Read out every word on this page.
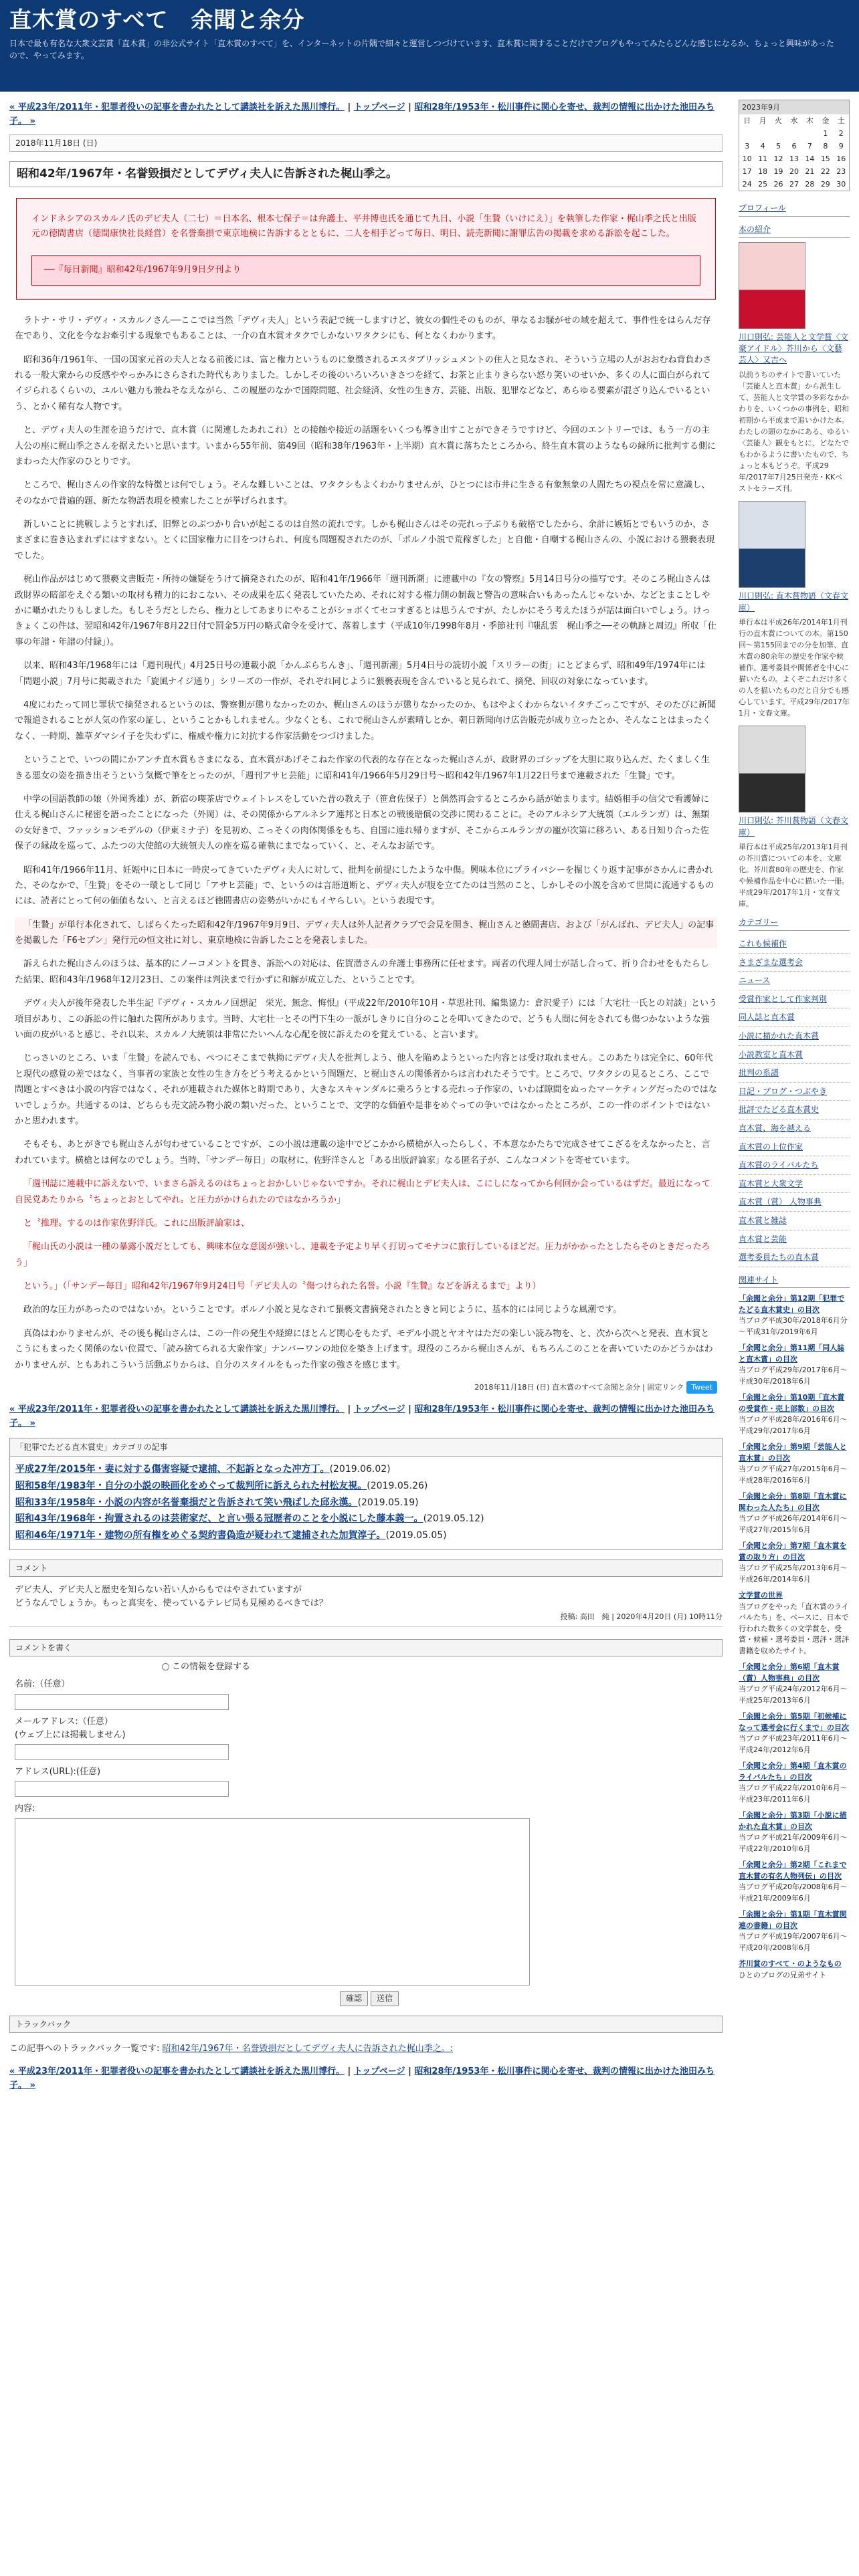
直木賞のすべて　余聞と余分
日本で最も有名な大衆文芸賞「直木賞」の非公式サイト「直木賞のすべて」を、インターネットの片隅で細々と運営しつづけています、直木賞に関することだけでブログもやってみたらどんな感じになるか、ちょっと興味があったので、やってみます。
« 平成23年/2011年・犯罪者役いの記事を書かれたとして講談社を訴えた黒川博行。 | トップページ | 昭和28年/1953年・松川事件に関心を寄せ、裁判の情報に出かけた池田みち子。 »
2018年11月18日 (日)
昭和42年/1967年・名誉毀損だとしてデヴィ夫人に告訴された梶山季之。
インドネシアのスカルノ氏のデビ夫人（二七）＝日本名、根本七保子＝は弁護士、平井博也氏を通じて九日、小説「生贄（いけにえ）」を執筆した作家・梶山季之氏と出版元の徳間書店（徳間康快社長経営）を名誉棄損で東京地検に告訴するとともに、二人を相手どって毎日、明日、読売新聞に謝罪広告の掲載を求める訴訟を起こした。
──『毎日新聞』昭和42年/1967年9月9日夕刊より

ラトナ・サリ・デヴィ・スカルノさん──ここでは当然「デヴィ夫人」という表記で統一しますけど、彼女の個性そのものが、単なるお騒がせの域を超えて、事件性をはらんだ存在であり、文化を今なお牽引する現象でもあることは、一介の直木賞オタクでしかないワタクシにも、何となくわかります。

昭和36年/1961年、一国の国家元首の夫人となる前後には、富と権力というものに象徴されるエスタブリッシュメントの住人と見なされ、そういう立場の人がおおむね背負わされる一般大衆からの反感ややっかみにさらされた時代もありました。しかしその後のいろいろいきさつを経て、お茶と止まりきらない怒り笑いのせいか、多くの人に面白がられてイジられるくらいの、ユルい魅力も兼ねそなえながら、この履歴のなかで国際問題、社会経済、女性の生き方、芸能、出版、犯罪などなど、あらゆる要素が混ざり込んでいるという、とかく稀有な人物です。

と、デヴィ夫人の生涯を追うだけで、直木賞（に関連したあれこれ）との接触や接近の話題をいくつも導き出すことができそうですけど、今回のエントリーでは、もう一方の主人公の座に梶山季之さんを据えたいと思います。いまから55年前、第49回（昭和38年/1963年・上半期）直木賞に落ちたところから、終生直木賞のようなもの縁所に批判する側にまわった大作家のひとりです。

ところで、梶山さんの作家的な特徴とは何でしょう。そんな難しいことは、ワタクシもよくわかりませんが、ひとつには市井に生きる有象無象の人間たちの視点を常に意識し、そのなかで普遍的題、新たな物語表現を模索したことが挙げられます。

新しいことに挑戦しようとすれば、旧弊とのぶつかり合いが起こるのは自然の流れです。しかも梶山さんはその売れっ子ぶりも破格でしたから、余計に嫉妬とでもいうのか、さまざまに巻き込まれずにはすまない。とくに国家権力に目をつけられ、何度も問題視されたのが、「ポルノ小説で荒稼ぎした」と自他・自嘲する梶山さんの、小説における猥褻表現でした。

梶山作品がはじめて猥褻文書販売・所持の嫌疑をうけて摘発されたのが、昭和41年/1966年「週刊新潮」に連載中の『女の警察』5月14日号分の描写です。そのころ梶山さんは政財界の暗部をえぐる類いの取材も精力的におこない、その成果を広く発表していたため、それに対する権力側の制裁と警告の意味合いもあったんじゃないか、などとまことしやかに囁かれたりもしました。もしそうだとしたら、権力としてあまりにやることがショボくてセコすぎるとは思うんですが、たしかにそう考えたほうが話は面白いでしょう。けっきょくこの件は、翌昭和42年/1967年8月22日付で罰金5万円の略式命令を受けて、落着します（平成10年/1998年8月・季節社刊『嗤乱雲　梶山季之──その軌跡と周辺』所収「仕事の年譜・年譜の付録」）。

以来、昭和43年/1968年には「週刊現代」4月25日号の連載小説「かんぷらちんき」、「週刊新潮」5月4日号の読切小説「スリラーの街」にとどまらず、昭和49年/1974年には「問題小説」7月号に掲載された「旋風ナイジ通り」シリーズの一作が、それぞれ同じように猥褻表現を含んでいると見られて、摘発、回収の対象になっています。

4度にわたって同じ罪状で摘発されるというのは、警察側が懲りなかったのか、梶山さんのほうが懲りなかったのか、もはやよくわからないイタチごっこですが、そのたびに新聞で報道されることが人気の作家の証し、ということかもしれません。少なくとも、これで梶山さんが素晴しとか、朝日新聞向け広告販売が成り立ったとか、そんなことはまったくなく、一時期、雑草ダマシイ子を失わずに、権威や権力に対抗する作家活動をつづけました。

ということで、いつの間にかアンチ直木賞もさまになる、直木賞があげそこねた作家の代表的な存在となった梶山さんが、政財界のゴシップを大胆に取り込んだ、たくましく生きる悪女の姿を描き出そうという気概で筆をとったのが、「週刊アサヒ芸能」に昭和41年/1966年5月29日号～昭和42年/1967年1月22日号まで連載された「生贄」です。

中学の国語教師の娘（外岡秀雄）が、新宿の喫茶店でウェイトレスをしていた昔の教え子（笹倉佐保子）と偶然再会するところから話が始まります。結婚相手の信父で看護婦に仕える梶山さんに秘密を語ったことになった（外岡）は、その関係からアルネシア連邦と日本との戦後賠償の交渉に関わることに。そのアルネシア大統領（エルランガ）は、無類の女好きで、ファッションモデルの（伊東ミナ子）を見初め、こっそくの肉体関係をもち、自国に連れ帰りますが、そこからエルランガの寵が次第に移ろい、ある日知り合った佐保子の縁故を巡って、ふたつの大使館の大統領夫人の座を巡る確執にまでなっていく、と、そんなお話です。

昭和41年/1966年11月、妊娠中に日本に一時戻ってきていたデヴィ夫人に対して、批判を前提にしたような中傷。興味本位にプライバシーを掘じくり返す記事がさかんに書かれた、そのなかで、「生贄」をその一環として同じ「アサヒ芸能」で、というのは言語道断と、デヴィ夫人が腹を立てたのは当然のこと、しかしその小説を含めて世間に流通するものには、読者にとって何の価値もない、と言えるほど徳間書店の姿勢がいかにもイヤらしい。という表現です。

「生贄」が単行本化されて、しばらくたった昭和42年/1967年9月9日、デヴィ夫人は外人記者クラブで会見を開き、梶山さんと徳間書店、および「がんばれ、デビ夫人」の記事を掲載した「F6セブン」発行元の恒文社に対し、東京地検に告訴したことを発表しました。

訴えられた梶山さんのほうは、基本的にノーコメントを貫き、訴訟への対応は、佐賀潜さんの弁護士事務所に任せます。両者の代理人同士が話し合って、折り合わせをもたらした結果、昭和43年/1968年12月23日、この案件は判決まで行かずに和解が成立した、ということです。

デヴィ夫人が後年発表した半生記『デヴィ・スカルノ回想記　栄光、無念、悔恨』（平成22年/2010年10月・草思社刊、編集協力：倉沢愛子）には「大宅壮一氏との対談」という項目があり、この訴訟の件に触れた箇所があります。当時、大宅壮一とその門下生の一派がしきりに自分のことを叩いてきたので、どうも人間に何をされても傷つかないような強い面の皮がいると感じ、それ以来、スカルノ大統領は非常にたいへんな心配を彼に訴えたのを覚えている、と言います。

じっさいのところ、いま「生贄」を読んでも、ぺつにそこまで執拗にデヴィ夫人を批判しよう、他人を陥めようといった内容とは受け取れません。このあたりは完全に、60年代と現代の感覚の差ではなく、当事者の家族と女性の生き方をどう考えるかという問題だ、と梶山さんの関係者からは言われたそうです。ところで、ワタクシの見るところ、ここで問題とすべきは小説の内容ではなく、それが連載された媒体と時期であり、大きなスキャンダルに乗ろうとする売れっ子作家の、いわば隙間をぬったマーケティングだったのではないでしょうか。共通するのは、どちらも売文読み物小説の類いだった、ということで、文学的な価値や是非をめぐっての争いではなかったところが、この一件のポイントではないかと思われます。

そもそも、あとがきでも梶山さんが匂わせていることですが、この小説は連載の途中でどこかから横槍が入ったらしく、不本意なかたちで完成させてこざるをえなかったと、言われています。横槍とは何なのでしょう。当時、「サンデー毎日」の取材に、佐野洋さんと「ある出版評論家」なる匿名子が、こんなコメントを寄せています。

「週刊誌に連載中に訴えないで、いまさら訴えるのはちょっとおかしいじゃないですか。それに梶山とデビ夫人は、こにしになってから何回か会っているはずだ。最近になって自民党あたりから〝ちょっとおとしてやれ〟と圧力がかけられたのではなかろうか」

と〝推理〟するのは作家佐野洋氏。これに出版評論家は、

「梶山氏の小説は一種の暴露小説だとしても、興味本位な意図が強いし、連載を予定より早く打切ってモナコに旅行しているほどだ。圧力がかかったとしたらそのときだったろう」

という。」（「サンデー毎日」昭和42年/1967年9月24日号「デビ夫人の〝傷つけられた名誉〟小説『生贄』などを訴えるまで」より）

政治的な圧力があったのではないか。ということです。ポルノ小説と見なされて猥褻文書摘発されたときと同じように、基本的には同じような風潮です。

真偽はわかりませんが、その後も梶山さんは、この一件の発生や経緯にほとんど関心をもたず、モデル小説とヤオヤはただの楽しい読み物を、と、次から次へと発表、直木賞とこうにもまったく関係のない位置で、「読み捨てられる大衆作家」ナンバーワンの地位を築き上げます。現役のころから梶山さんが、もちろんこのことを書いていたのかどうかはわかりませんが、ともあれこういう活動ぶりからは、自分のスタイルをもった作家の強さを感じます。

2018年11月18日 (日) 直木賞のすべて余聞と余分 | 固定リンク Tweet
« 平成23年/2011年・犯罪者役いの記事を書かれたとして講談社を訴えた黒川博行。 | トップページ | 昭和28年/1953年・松川事件に関心を寄せ、裁判の情報に出かけた池田みち子。 »
「犯罪でたどる直木賞史」カテゴリの記事
平成27年/2015年・妻に対する傷害容疑で逮捕、不起訴となった冲方丁。(2019.06.02)
昭和58年/1983年・自分の小説の映画化をめぐって裁判所に訴えられた村松友視。(2019.05.26)
昭和33年/1958年・小説の内容が名誉棄損だと告訴されて笑い飛ばした邱永漢。(2019.05.19)
昭和43年/1968年・拘置されるのは芸術家だ、と言い張る冠歴者のことを小説にした藤本義一。(2019.05.12)
昭和46年/1971年・建物の所有権をめぐる契約書偽造が疑われて逮捕された加賀淳子。(2019.05.05)
コメント
デビ夫人、デビ夫人と歴史を知らない若い人からもではやされていますが
どうなんでしょうか。もっと真実を、使っているテレビ局も見極めるべきでは？
投稿: 高田　純 | 2020年4月20日 (月) 10時11分
コメントを書く
この情報を登録する
名前:（任意）
メールアドレス:（任意）
(ウェブ上には掲載しません)
アドレス(URL):(任意)
内容:
確認 送信
トラックバック
この記事へのトラックバック一覧です: 昭和42年/1967年・名誉毀損だとしてデヴィ夫人に告訴された梶山季之。:
« 平成23年/2011年・犯罪者役いの記事を書かれたとして講談社を訴えた黒川博行。 | トップページ | 昭和28年/1953年・松川事件に関心を寄せ、裁判の情報に出かけた池田みち子。 »
2023年9月
日	月	火	水	木	金	土
					1	2
3	4	5	6	7	8	9
10	11	12	13	14	15	16
17	18	19	20	21	22	23
24	25	26	27	28	29	30
プロフィール
本の紹介
川口則弘: 芸能人と文学賞〈文豪アイドル〉芥川から〈文藝芸人〉又吉へ
以前うちのサイトで書いていた「芸能人と直木賞」から派生して、芸能人と文学賞の多彩なかかわりを、いくつかの事例を、昭和初期から平成まで追いかけた本。わたしの頭のなかにある、ゆるい〈芸能人〉観をもとに、どなたでもわかるように書いたもので、ちょっと本もどうぞ。平成29年/2017年7月25日発売・KKベストセラーズ刊。
川口則弘: 直木賞物語（文春文庫）
単行本は平成26年/2014年1月刊行の直木賞についての本。第150回〜第155回までの分を加筆、直木賞の80余年の歴史を作家や候補作、選考委員や関係者を中心に描いたもの。よくぞこれだけ多くの人を描いたものだと自分でも感心しています。平成29年/2017年1月・文春文庫。
川口則弘: 芥川賞物語（文春文庫）
単行本は平成25年/2013年1月刊の芥川賞についての本を、文庫化。芥川賞80年の歴史を、作家や候補作品を中心に描いた一冊。平成29年/2017年1月・文春文庫。
カテゴリー
これも候補作
さまざまな選考会
ニュース
受賞作家として作家判別
同人誌と直木賞
小説に描かれた直木賞
小説教室と直木賞
批判の系譜
日記・ブログ・つぶやき
批評でたどる直木賞史
直木賞、海を越える
直木賞の上位作家
直木賞のライバルたち
直木賞と大衆文学
直木賞（賞） 人物事典
直木賞と雑誌
直木賞と芸能
選考委員たちの直木賞
関連サイト
「余聞と余分」第12期「犯罪でたどる直木賞史」の目次
当ブログ平成30年/2018年6月分～平成31年/2019年6月
「余聞と余分」第11期「同人誌と直木賞」の目次
当ブログ平成29年/2017年6月～平成30年/2018年6月
「余聞と余分」第10期「直木賞の受賞作・売上部数」の目次
当ブログ平成28年/2016年6月～平成29年/2017年6月
「余聞と余分」第9期「芸能人と直木賞」の目次
当ブログ平成27年/2015年6月～平成28年/2016年6月
「余聞と余分」第8期「直木賞に関わった人たち」の目次
当ブログ平成26年/2014年6月～平成27年/2015年6月
「余聞と余分」第7期「直木賞を賞の取り方」の目次
当ブログ平成25年/2013年6月～平成26年/2014年6月
文学賞の世界
当ブログをやった「直木賞のライバルたち」を、ベースに、日本で行われた数多くの文学賞を、受賞・候補・選考委員・選評・選評書籍を収めたサイト。
「余聞と余分」第6期「直木賞（賞）人物事典」の目次
当ブログ平成24年/2012年6月～平成25年/2013年6月
「余聞と余分」第5期「初候補になって選考会に行くまで」の目次
当ブログ平成23年/2011年6月～平成24年/2012年6月
「余聞と余分」第4期「直木賞のライバルたち」の目次
当ブログ平成22年/2010年6月～平成23年/2011年6月
「余聞と余分」第3期「小説に描かれた直木賞」の目次
当ブログ平成21年/2009年6月～平成22年/2010年6月
「余聞と余分」第2期「これまで直木賞の有名人物列伝」の目次
当ブログ平成20年/2008年6月～平成21年/2009年6月
「余聞と余分」第1期「直木賞関連の書籍」の目次
当ブログ平成19年/2007年6月～平成20年/2008年6月
芥川賞のすべて・のようなもの
ひとのブログの兄弟サイト
